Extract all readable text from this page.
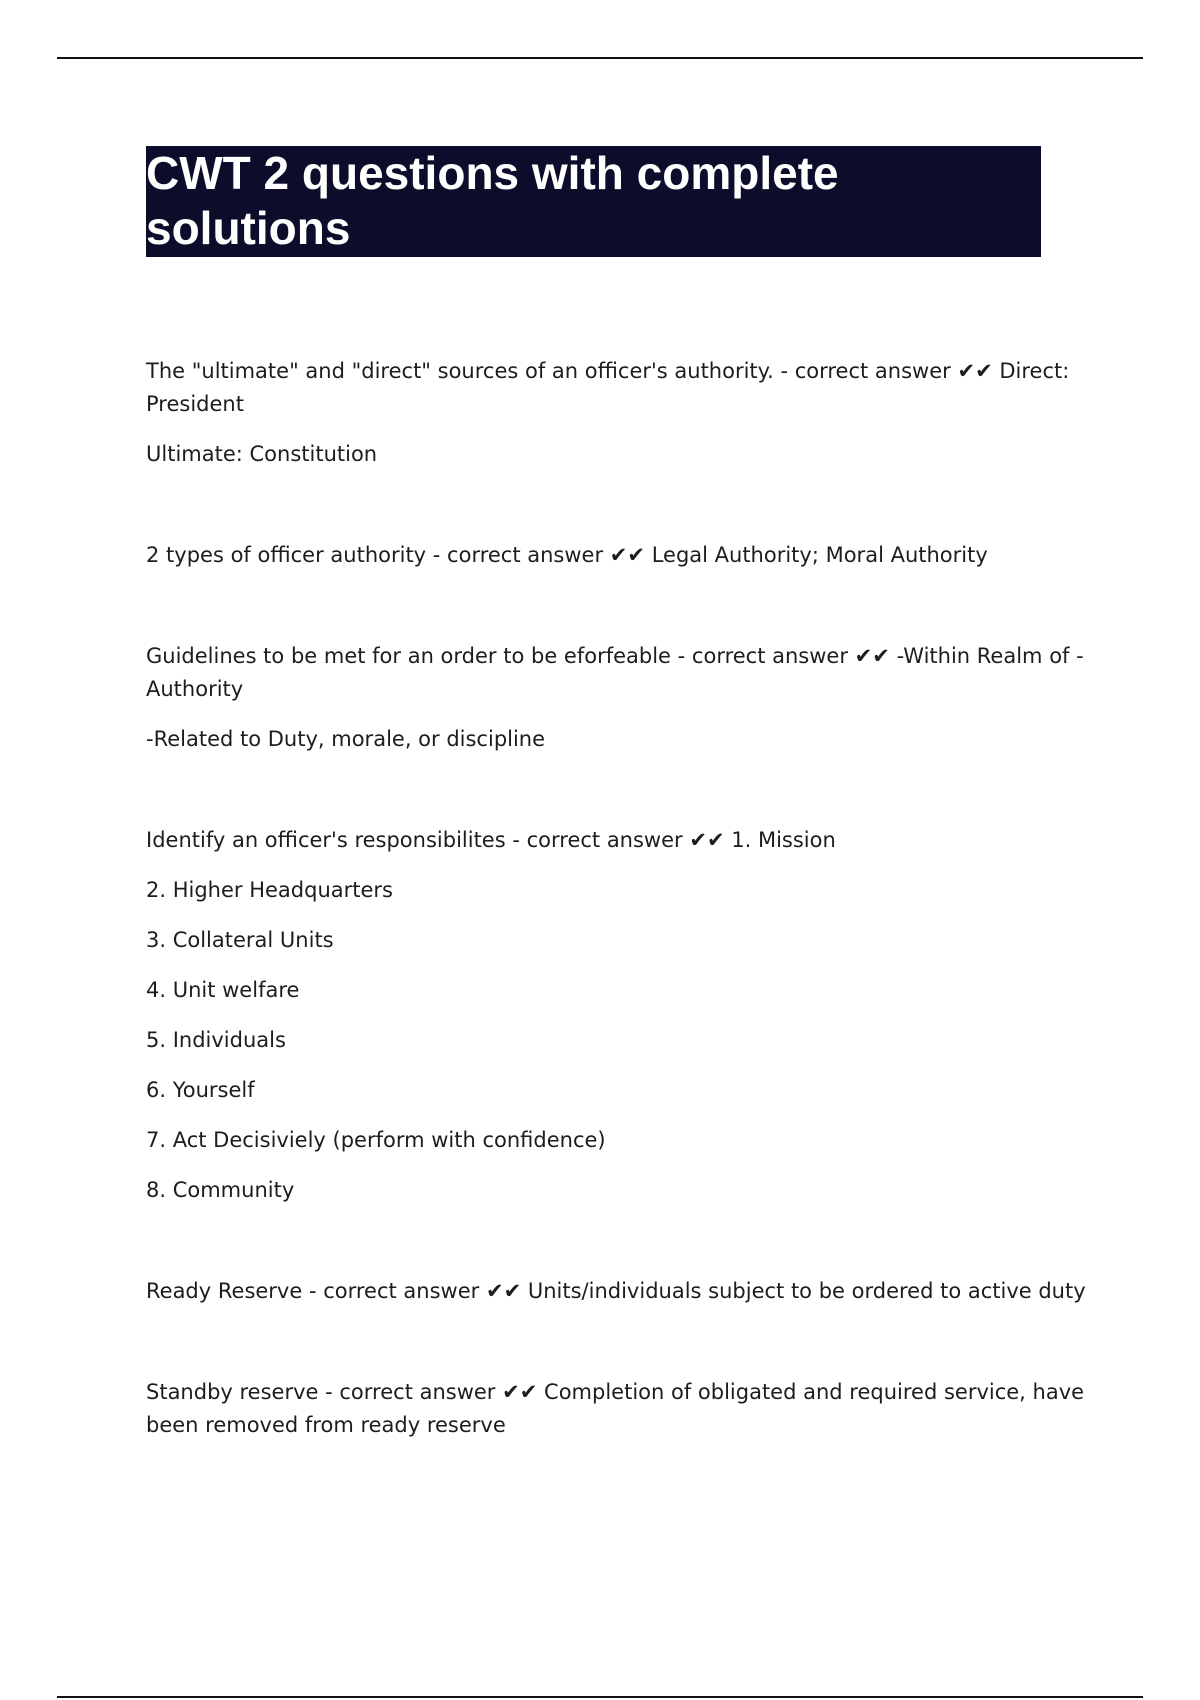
CWT 2 questions with complete solutions

The "ultimate" and "direct" sources of an officer's authority. - correct answer ✔✔ Direct: President

Ultimate: Constitution

2 types of officer authority - correct answer ✔✔ Legal Authority; Moral Authority

Guidelines to be met for an order to be eforfeable - correct answer ✔✔ -Within Realm of -Authority

-Related to Duty, morale, or discipline

Identify an officer's responsibilites - correct answer ✔✔ 1. Mission

2. Higher Headquarters

3. Collateral Units

4. Unit welfare

5. Individuals

6. Yourself

7. Act Decisiviely (perform with confidence)

8. Community

Ready Reserve - correct answer ✔✔ Units/individuals subject to be ordered to active duty

Standby reserve - correct answer ✔✔ Completion of obligated and required service, have been removed from ready reserve
